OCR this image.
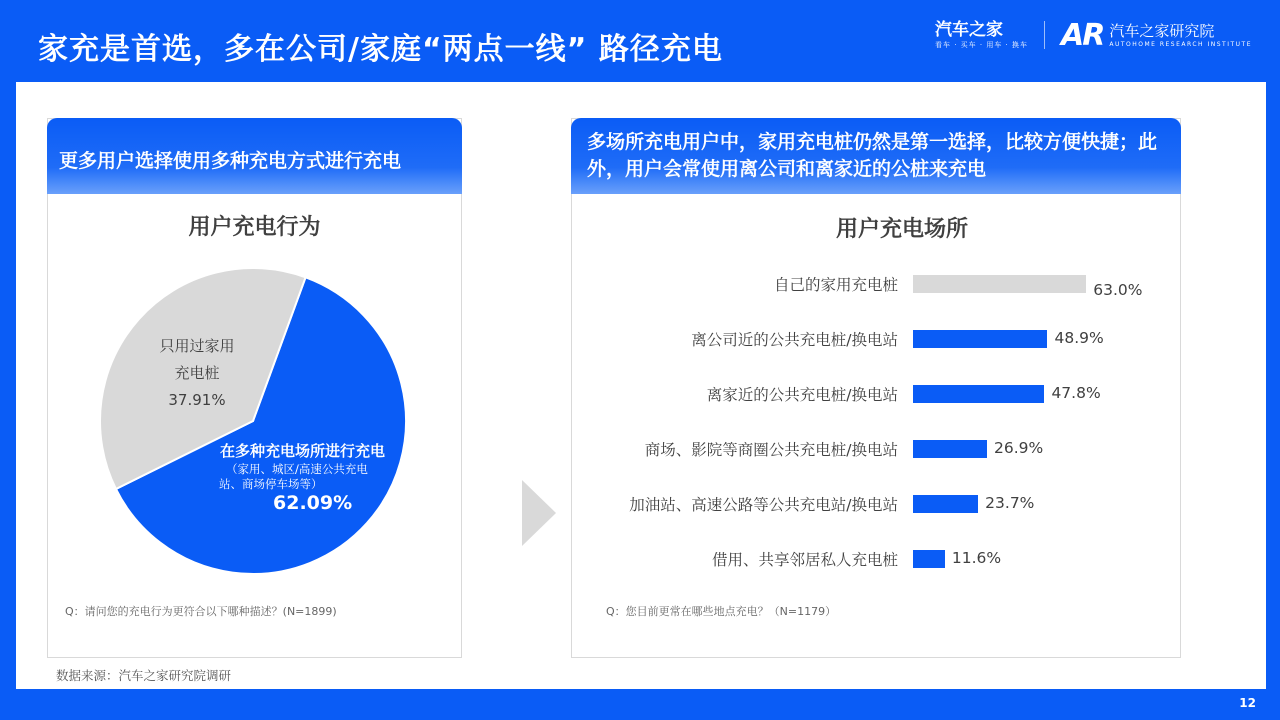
家充是首选，多在公司/家庭“两点一线” 路径充电
汽车之家
看车 · 买车 · 用车 · 换车 AR 汽车之家研究院
AUTOHOME RESEARCH INSTITUTE
更多用户选择使用多种充电方式进行充电
多场所充电用户中，家用充电桩仍然是第一选择，比较方便快捷；此外，用户会常使用离公司和离家近的公桩来充电
数据来源：汽车之家研究院调研
用户充电行为	用户充电场所
只用过家用
充电桩
37.91%
在多种充电场所进行充电
（家用、城区/高速公共充电
站、商场停车场等）
62.09%
自己的家用充电桩	63.0%
离公司近的公共充电桩/换电站	48.9%
离家近的公共充电桩/换电站	47.8%
商场、影院等商圈公共充电桩/换电站	26.9%
加油站、高速公路等公共充电站/换电站	23.7%
借用、共享邻居私人充电桩	11.6%
Q：请问您的充电行为更符合以下哪种描述？(N=1899)	Q：您目前更常在哪些地点充电？（N=1179）
12
